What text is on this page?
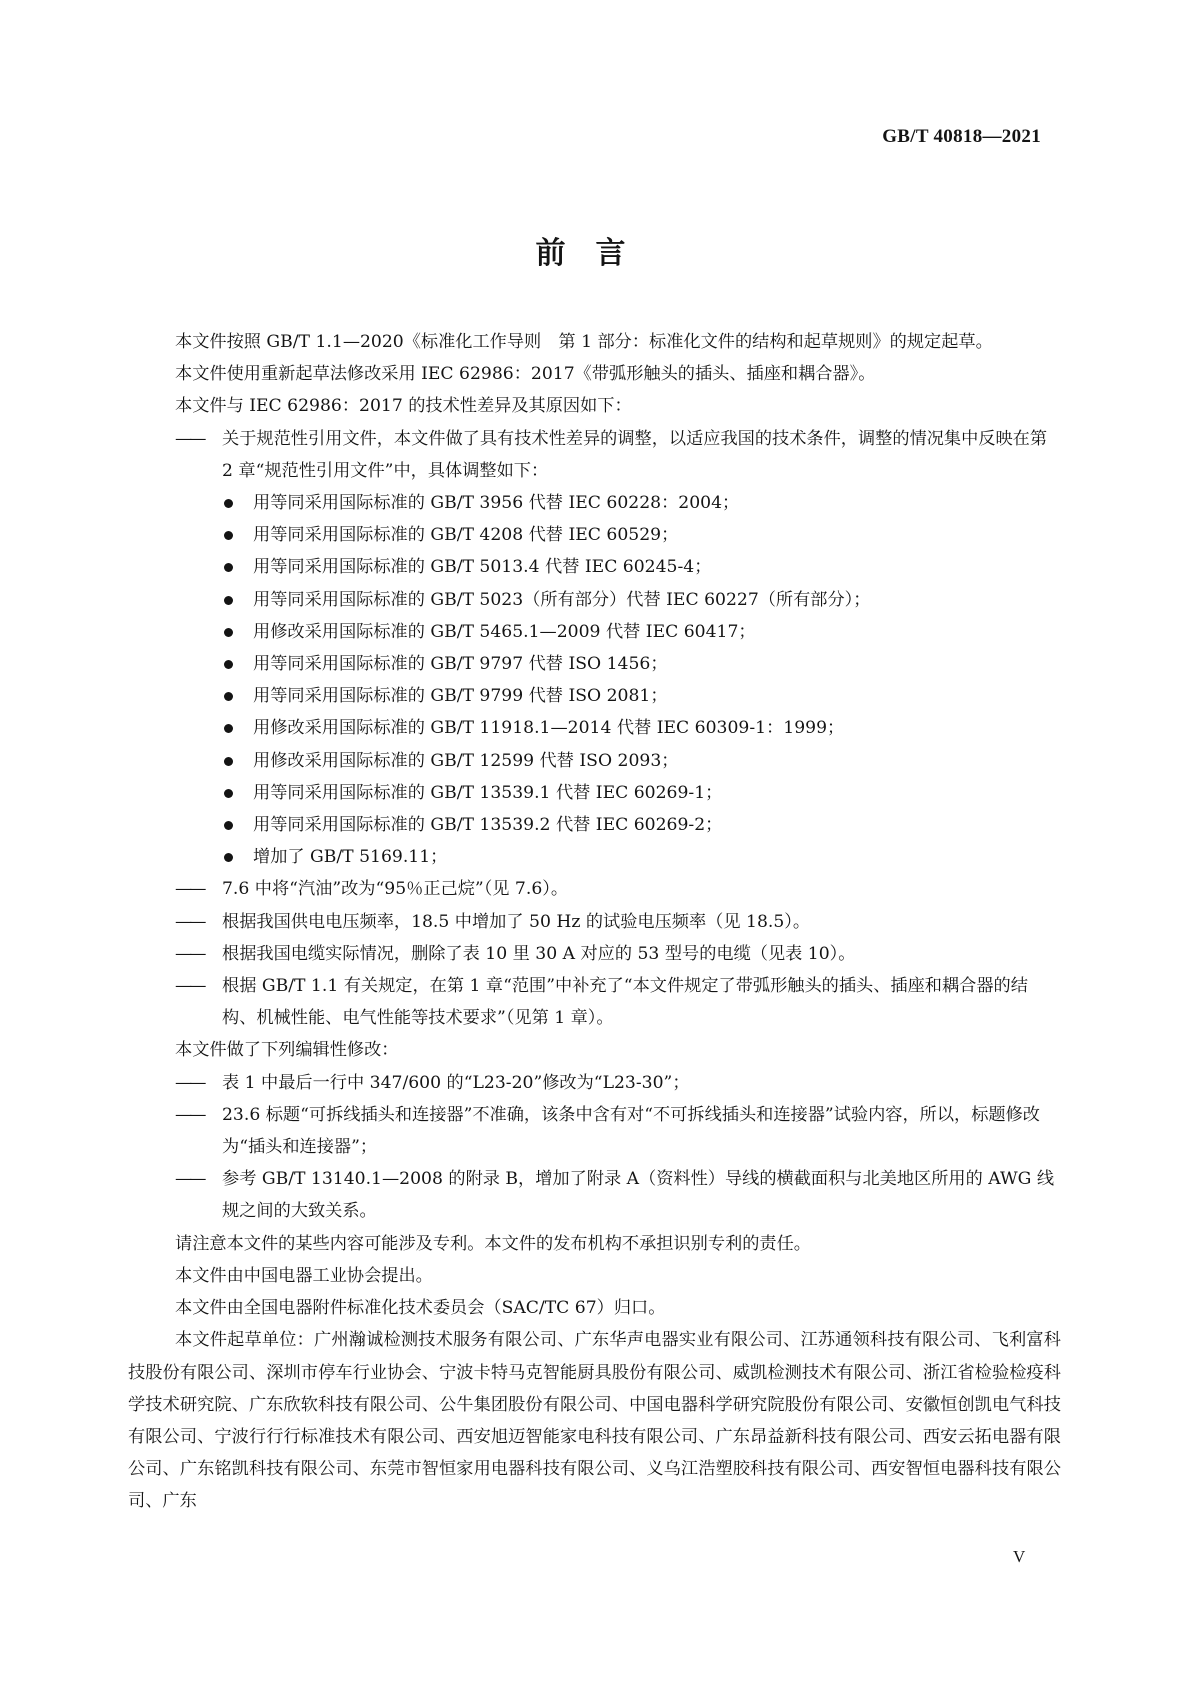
GB/T 40818—2021
前言
本文件按照 GB/T 1.1—2020《标准化工作导则　第 1 部分：标准化文件的结构和起草规则》的规定起草。
本文件使用重新起草法修改采用 IEC 62986：2017《带弧形触头的插头、插座和耦合器》。
本文件与 IEC 62986：2017 的技术性差异及其原因如下：
—— 关于规范性引用文件，本文件做了具有技术性差异的调整，以适应我国的技术条件，调整的情况集中反映在第 2 章“规范性引用文件”中，具体调整如下：
用等同采用国际标准的 GB/T 3956 代替 IEC 60228：2004；
用等同采用国际标准的 GB/T 4208 代替 IEC 60529；
用等同采用国际标准的 GB/T 5013.4 代替 IEC 60245-4；
用等同采用国际标准的 GB/T 5023（所有部分）代替 IEC 60227（所有部分）；
用修改采用国际标准的 GB/T 5465.1—2009 代替 IEC 60417；
用等同采用国际标准的 GB/T 9797 代替 ISO 1456；
用等同采用国际标准的 GB/T 9799 代替 ISO 2081；
用修改采用国际标准的 GB/T 11918.1—2014 代替 IEC 60309-1：1999；
用修改采用国际标准的 GB/T 12599 代替 ISO 2093；
用等同采用国际标准的 GB/T 13539.1 代替 IEC 60269-1；
用等同采用国际标准的 GB/T 13539.2 代替 IEC 60269-2；
增加了 GB/T 5169.11；
—— 7.6 中将“汽油”改为“95％正己烷”（见 7.6）。
—— 根据我国供电电压频率，18.5 中增加了 50 Hz 的试验电压频率（见 18.5）。
—— 根据我国电缆实际情况，删除了表 10 里 30 A 对应的 53 型号的电缆（见表 10）。
—— 根据 GB/T 1.1 有关规定，在第 1 章“范围”中补充了“本文件规定了带弧形触头的插头、插座和耦合器的结构、机械性能、电气性能等技术要求”（见第 1 章）。
本文件做了下列编辑性修改：
—— 表 1 中最后一行中 347/600 的“L23-20”修改为“L23-30”；
—— 23.6 标题“可拆线插头和连接器”不准确，该条中含有对“不可拆线插头和连接器”试验内容，所以，标题修改为“插头和连接器”；
—— 参考 GB/T 13140.1—2008 的附录 B，增加了附录 A（资料性）导线的横截面积与北美地区所用的 AWG 线规之间的大致关系。
请注意本文件的某些内容可能涉及专利。本文件的发布机构不承担识别专利的责任。
本文件由中国电器工业协会提出。
本文件由全国电器附件标准化技术委员会（SAC/TC 67）归口。
本文件起草单位：广州瀚诚检测技术服务有限公司、广东华声电器实业有限公司、江苏通领科技有限公司、飞利富科技股份有限公司、深圳市停车行业协会、宁波卡特马克智能厨具股份有限公司、威凯检测技术有限公司、浙江省检验检疫科学技术研究院、广东欣软科技有限公司、公牛集团股份有限公司、中国电器科学研究院股份有限公司、安徽恒创凯电气科技有限公司、宁波行行行标准技术有限公司、西安旭迈智能家电科技有限公司、广东昂益新科技有限公司、西安云拓电器有限公司、广东铭凯科技有限公司、东莞市智恒家用电器科技有限公司、义乌江浩塑胶科技有限公司、西安智恒电器科技有限公司、广东
V
